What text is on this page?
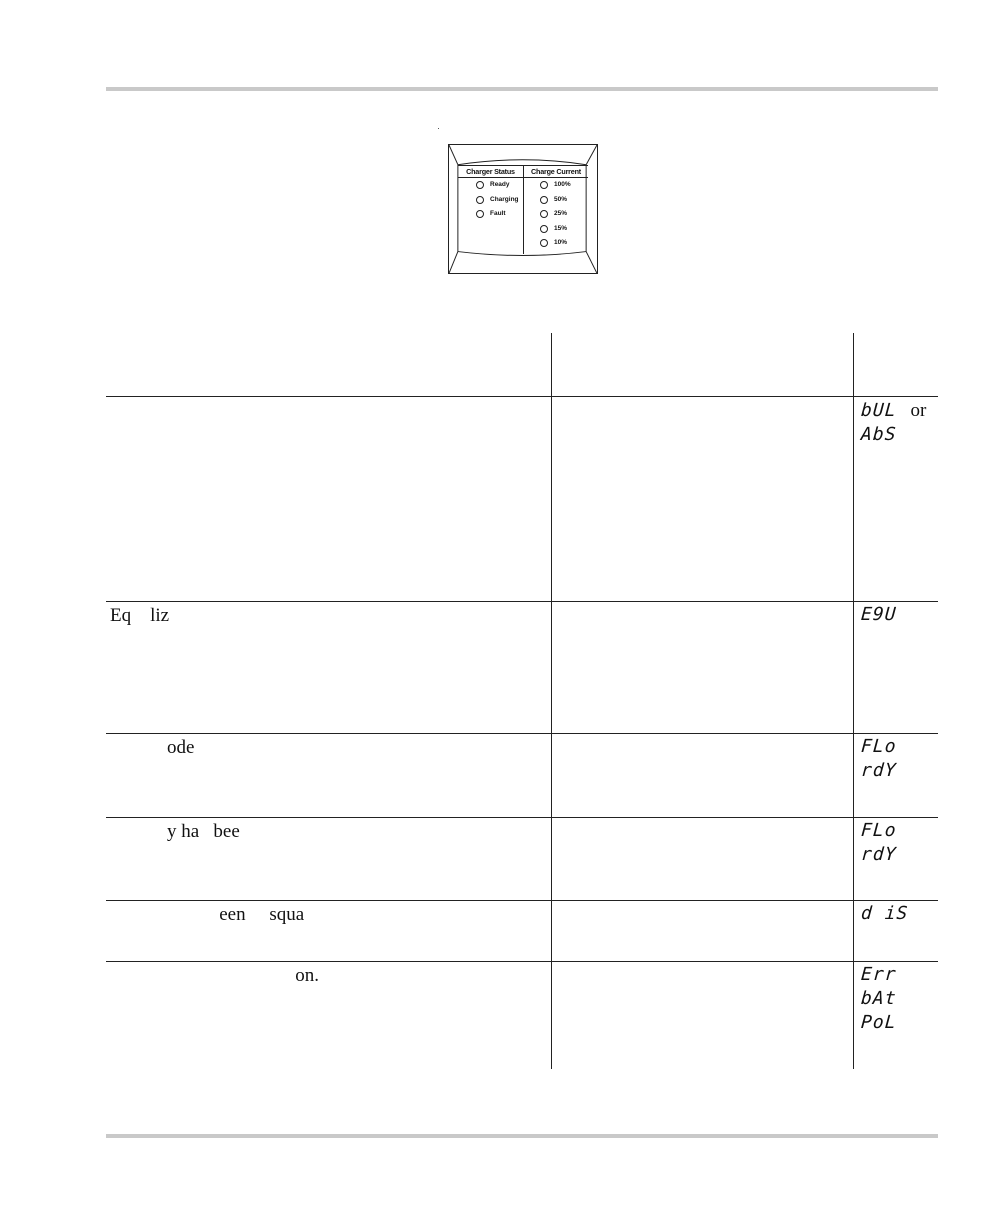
Charger Status
Ready
Charging
Fault
Charge Current
100%
50%
25%
15%
10%
bUL or
AbS
Eq    liz	E9U
ode	FLo
rdY
y ha   bee	FLo
rdY
een     squa	d iS
on.	Err
bAt
PoL
